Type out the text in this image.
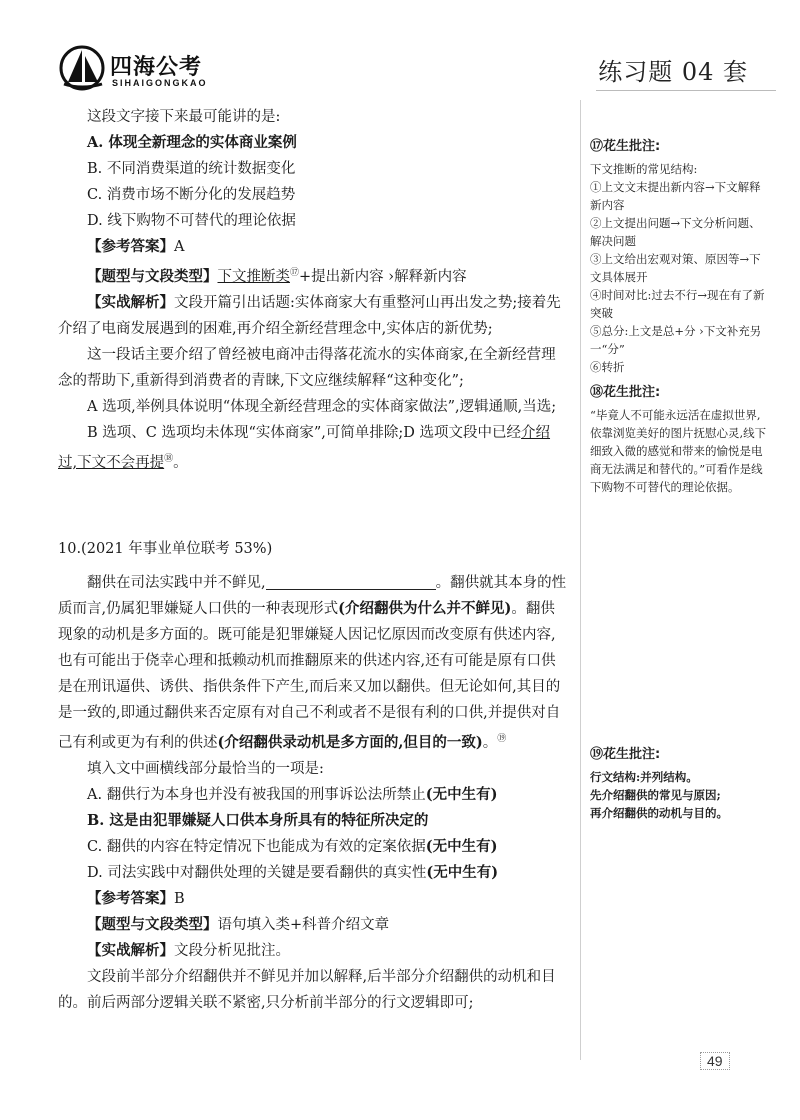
四海公考
SIHAIGONGKAO	练习题 04 套

这段文字接下来最可能讲的是:

A. 体现全新理念的实体商业案例

B. 不同消费渠道的统计数据变化

C. 消费市场不断分化的发展趋势

D. 线下购物不可替代的理论依据

【参考答案】A

【题型与文段类型】下文推断类⑰+提出新内容 ›解释新内容

【实战解析】文段开篇引出话题:实体商家大有重整河山再出发之势;接着先介绍了电商发展遇到的困难,再介绍全新经营理念中,实体店的新优势;

这一段话主要介绍了曾经被电商冲击得落花流水的实体商家,在全新经营理念的帮助下,重新得到消费者的青睐,下文应继续解释“这种变化”;

A 选项,举例具体说明“体现全新经营理念的实体商家做法”,逻辑通顺,当选;

B 选项、C 选项均未体现“实体商家”,可简单排除;D 选项文段中已经介绍过,下文不会再提⑱。

10.(2021 年事业单位联考 53%)

翻供在司法实践中并不鲜见,	。翻供就其本身的性质而言,仍属犯罪嫌疑人口供的一种表现形式(介绍翻供为什么并不鲜见)。翻供现象的动机是多方面的。既可能是犯罪嫌疑人因记忆原因而改变原有供述内容,也有可能出于侥幸心理和抵赖动机而推翻原来的供述内容,还有可能是原有口供是在刑讯逼供、诱供、指供条件下产生,而后来又加以翻供。但无论如何,其目的是一致的,即通过翻供来否定原有对自己不利或者不是很有利的口供,并提供对自己有利或更为有利的供述(介绍翻供录动机是多方面的,但目的一致)。⑲

填入文中画横线部分最恰当的一项是:

A. 翻供行为本身也并没有被我国的刑事诉讼法所禁止(无中生有)

B. 这是由犯罪嫌疑人口供本身所具有的特征所决定的

C. 翻供的内容在特定情况下也能成为有效的定案依据(无中生有)

D. 司法实践中对翻供处理的关键是要看翻供的真实性(无中生有)

【参考答案】B

【题型与文段类型】语句填入类+科普介绍文章

【实战解析】文段分析见批注。

文段前半部分介绍翻供并不鲜见并加以解释,后半部分介绍翻供的动机和目的。前后两部分逻辑关联不紧密,只分析前半部分的行文逻辑即可;

⑰花生批注:

下文推断的常见结构:

①上文文末提出新内容→下文解释新内容

②上文提出问题→下文分析问题、解决问题

③上文给出宏观对策、原因等→下文具体展开

④时间对比:过去不行→现在有了新突破

⑤总分:上文是总+分 ›下文补充另一“分”

⑥转折

⑱花生批注:

“毕竟人不可能永远活在虚拟世界,依靠浏览美好的图片抚慰心灵,线下细致入微的感觉和带来的愉悦是电商无法满足和替代的。”可看作是线下购物不可替代的理论依据。

⑲花生批注:

行文结构:并列结构。

先介绍翻供的常见与原因;

再介绍翻供的动机与目的。

49
